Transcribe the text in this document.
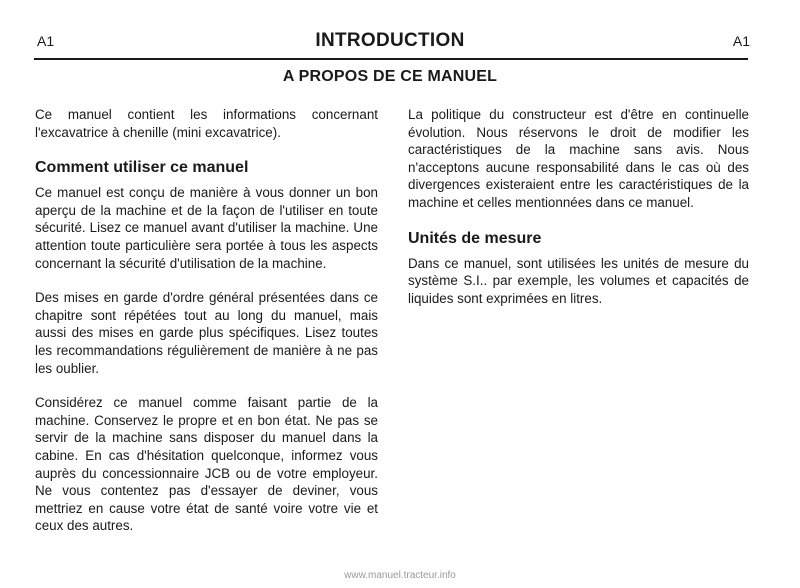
A1	INTRODUCTION	A1
A PROPOS DE CE MANUEL

Ce manuel contient les informations concernant l'excavatrice à chenille (mini excavatrice).

Comment utiliser ce manuel

Ce manuel est conçu de manière à vous donner un bon aperçu de la machine et de la façon de l'utiliser en toute sécurité. Lisez ce manuel avant d'utiliser la machine. Une attention toute particulière sera portée à tous les aspects concernant la sécurité d'utilisation de la machine.

Des mises en garde d'ordre général présentées dans ce chapitre sont répétées tout au long du manuel, mais aussi des mises en garde plus spécifiques. Lisez toutes les recommandations régulièrement de manière à ne pas les oublier.

Considérez ce manuel comme faisant partie de la machine. Conservez le propre et en bon état. Ne pas se servir de la machine sans disposer du manuel dans la cabine. En cas d'hésitation quelconque, informez vous auprès du concessionnaire JCB ou de votre employeur. Ne vous contentez pas d'essayer de deviner, vous mettriez en cause votre état de santé voire votre vie et ceux des autres.

La politique du constructeur est d'être en continuelle évolution. Nous réservons le droit de modifier les caractéristiques de la machine sans avis. Nous n'acceptons aucune responsabilité dans le cas où des divergences existeraient entre les caractéristiques de la machine et celles mentionnées dans ce manuel.

Unités de mesure

Dans ce manuel, sont utilisées les unités de mesure du système S.I.. par exemple, les volumes et capacités de liquides sont exprimées en litres.

www.manuel.tracteur.info
